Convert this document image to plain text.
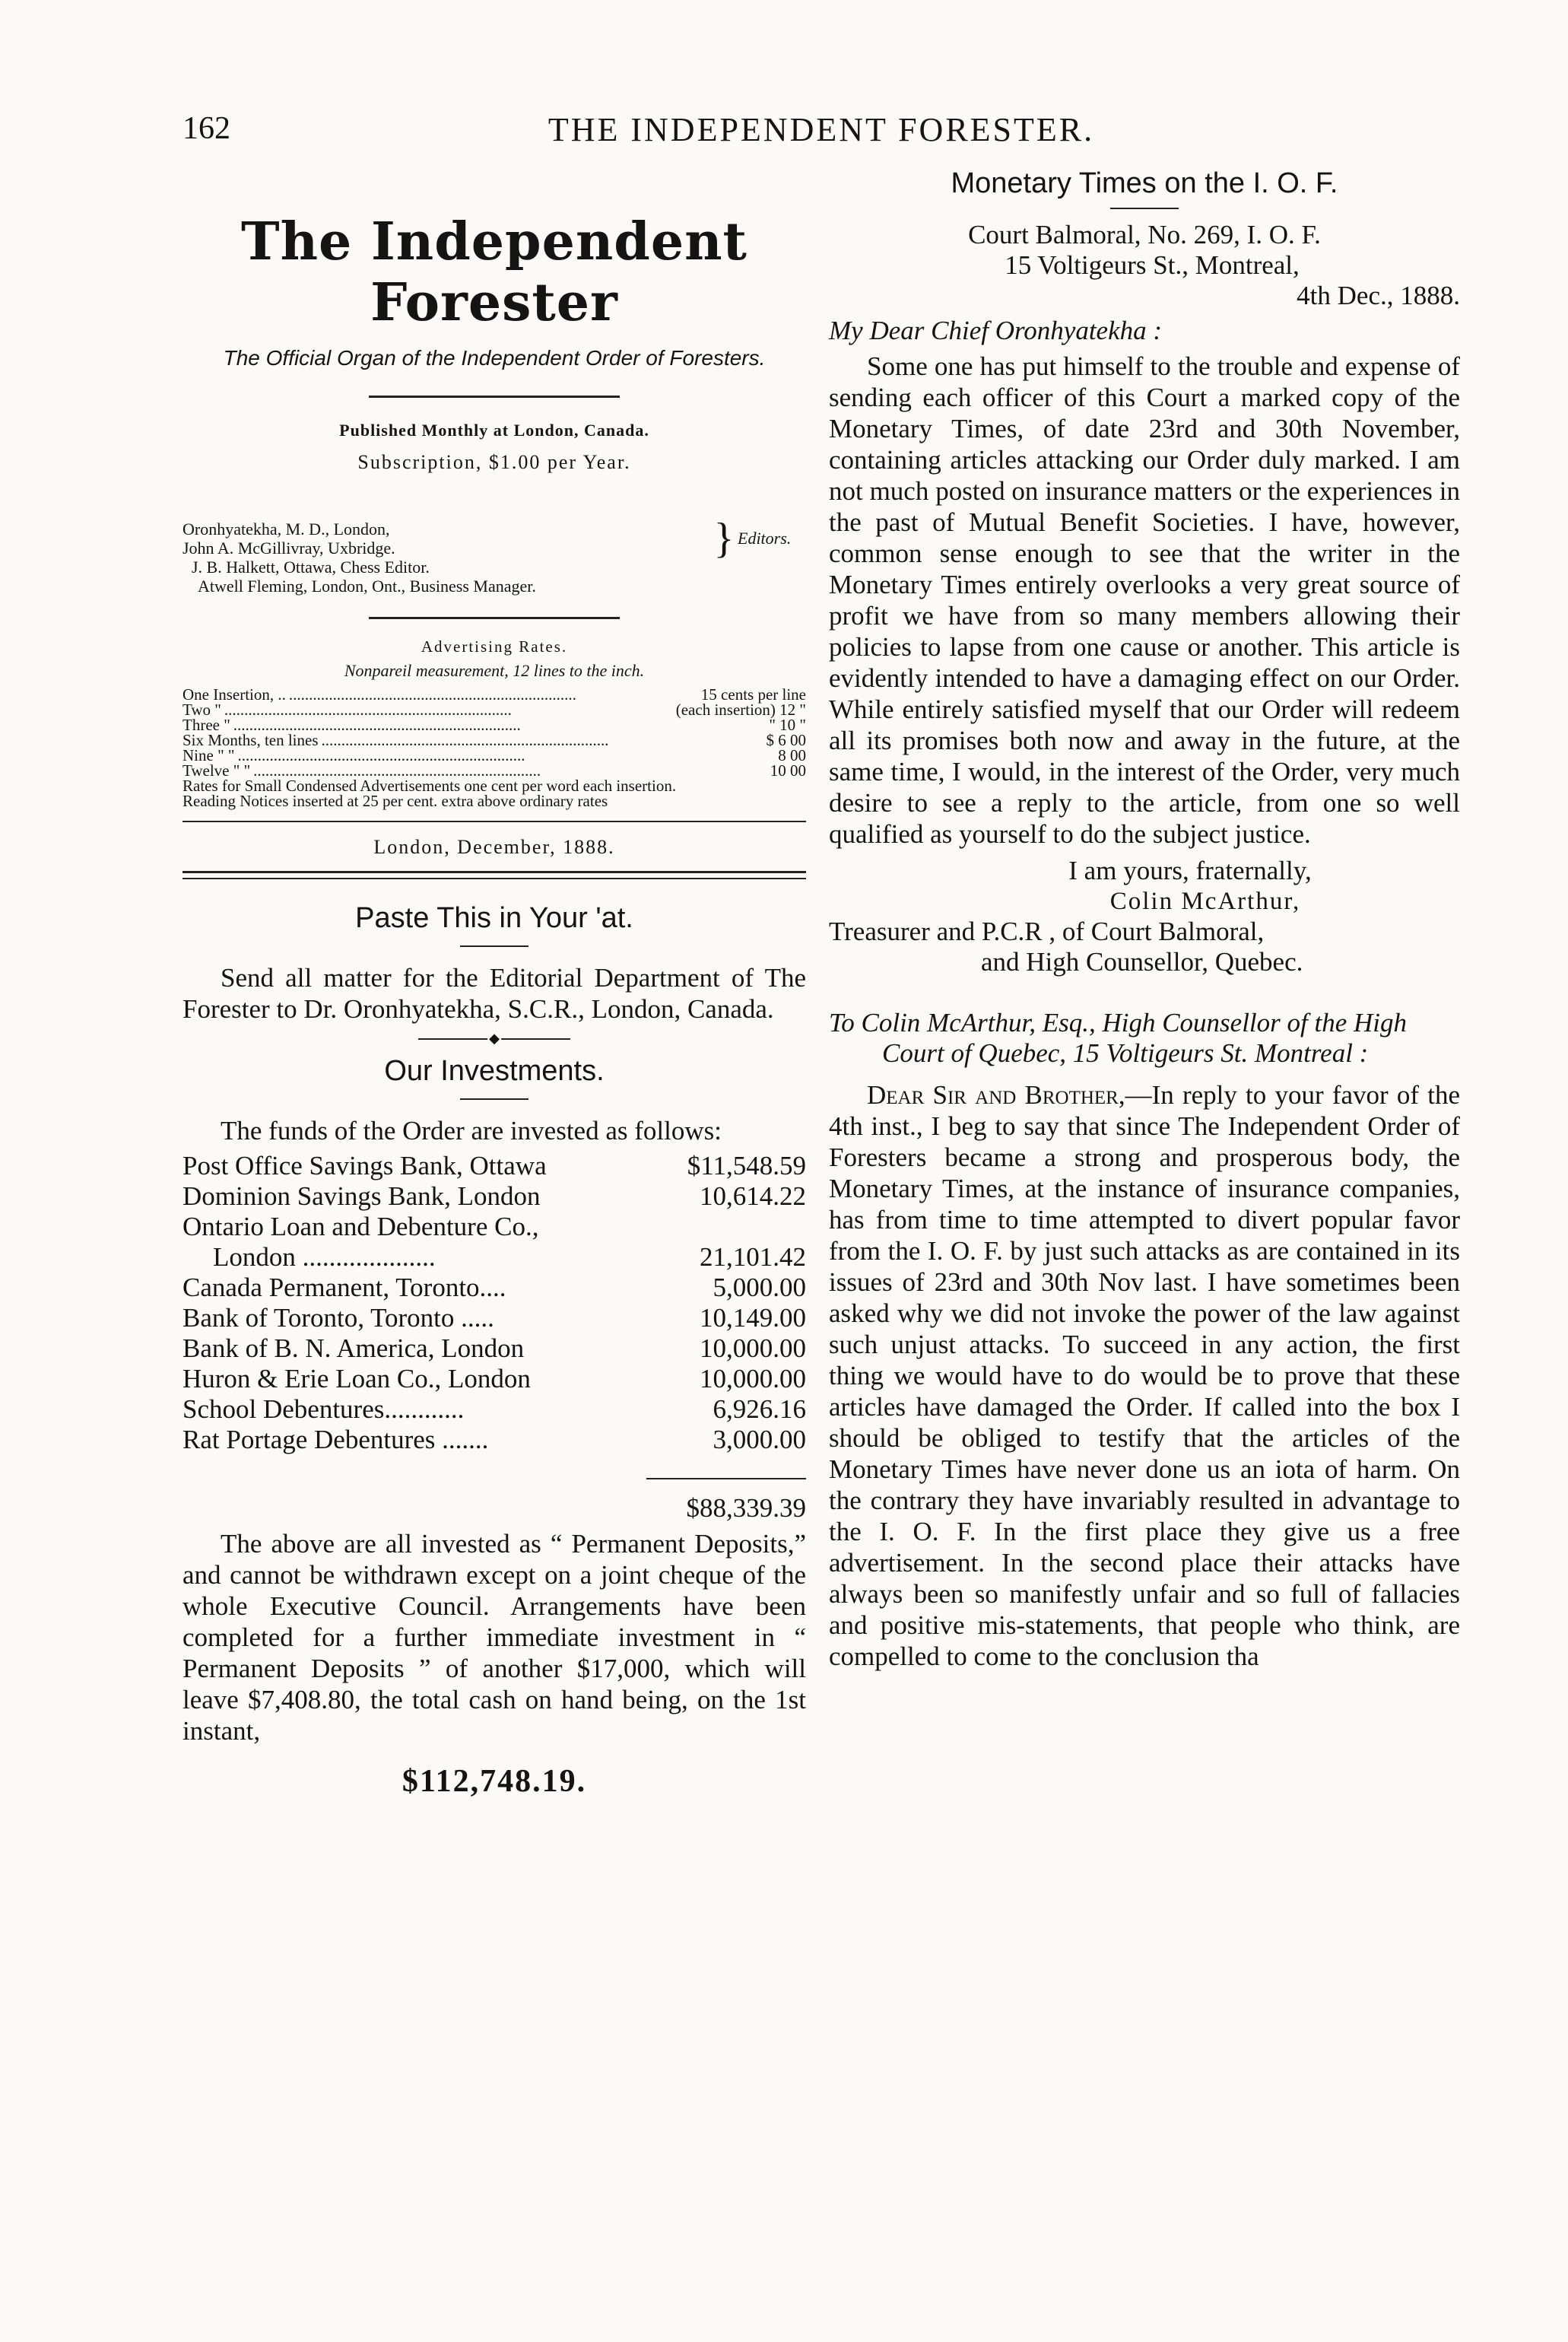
162	THE INDEPENDENT FORESTER.
The Independent Forester
The Official Organ of the Independent Order of Foresters.
Published Monthly at London, Canada.
Subscription, $1.00 per Year.
Oronhyatekha, M. D., London,
John A. McGillivray, Uxbridge.	} Editors.
J. B. Halkett, Ottawa, Chess Editor.
Atwell Fleming, London, Ont., Business Manager.
Advertising Rates.
Nonpareil measurement, 12 lines to the inch.
One Insertion, .. ........................................................................	15 cents per line
Two " ........................................................................	(each insertion) 12 "
Three " ........................................................................	" 10 "
Six Months, ten lines ........................................................................	$ 6 00
Nine " " ........................................................................	8 00
Twelve " " ........................................................................	10 00
Rates for Small Condensed Advertisements one cent per word each insertion.
Reading Notices inserted at 25 per cent. extra above ordinary rates
London, December, 1888.
Paste This in Your 'at.
Send all matter for the Editorial Department of The Forester to Dr. Oronhyatekha, S.C.R., London, Canada.
◆
Our Investments.
The funds of the Order are invested as follows:
Post Office Savings Bank, Ottawa	$11,548.59
Dominion Savings Bank, London	10,614.22
Ontario Loan and Debenture Co.,
London ....................	21,101.42
Canada Permanent, Toronto....	5,000.00
Bank of Toronto, Toronto .....	10,149.00
Bank of B. N. America, London	10,000.00
Huron & Erie Loan Co., London	10,000.00
School Debentures............	6,926.16
Rat Portage Debentures .......	3,000.00
$88,339.39
The above are all invested as “ Permanent Deposits,” and cannot be withdrawn except on a joint cheque of the whole Executive Council. Arrangements have been completed for a further immediate investment in “ Permanent Deposits ” of another $17,000, which will leave $7,408.80, the total cash on hand being, on the 1st instant,
$112,748.19.
Monetary Times on the I. O. F.
Court Balmoral, No. 269, I. O. F.
15 Voltigeurs St., Montreal,
4th Dec., 1888.
My Dear Chief Oronhyatekha :
Some one has put himself to the trouble and expense of sending each officer of this Court a marked copy of the Monetary Times, of date 23rd and 30th November, containing articles attacking our Order duly marked. I am not much posted on insurance matters or the experiences in the past of Mutual Benefit Societies. I have, however, common sense enough to see that the writer in the Monetary Times entirely overlooks a very great source of profit we have from so many members allowing their policies to lapse from one cause or another. This article is evidently intended to have a damaging effect on our Order. While entirely satisfied myself that our Order will redeem all its promises both now and away in the future, at the same time, I would, in the interest of the Order, very much desire to see a reply to the article, from one so well qualified as yourself to do the subject justice.
I am yours, fraternally,
Colin McArthur,
Treasurer and P.C.R , of Court Balmoral,
and High Counsellor, Quebec.
To Colin McArthur, Esq., High Counsellor of the High Court of Quebec, 15 Voltigeurs St. Montreal :
Dear Sir and Brother,—In reply to your favor of the 4th inst., I beg to say that since The Independent Order of Foresters became a strong and prosperous body, the Monetary Times, at the instance of insurance companies, has from time to time attempted to divert popular favor from the I. O. F. by just such attacks as are contained in its issues of 23rd and 30th Nov last. I have sometimes been asked why we did not invoke the power of the law against such unjust attacks. To succeed in any action, the first thing we would have to do would be to prove that these articles have damaged the Order. If called into the box I should be obliged to testify that the articles of the Monetary Times have never done us an iota of harm. On the contrary they have invariably resulted in advantage to the I. O. F. In the first place they give us a free advertisement. In the second place their attacks have always been so manifestly unfair and so full of fallacies and positive mis-statements, that people who think, are compelled to come to the conclusion tha
